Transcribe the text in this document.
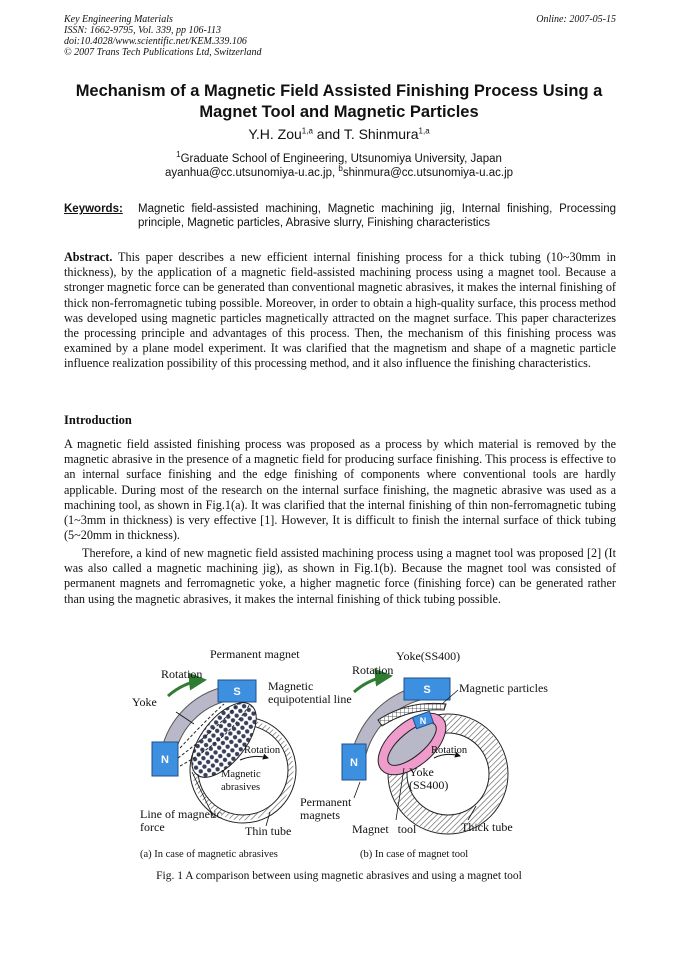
Key Engineering Materials
ISSN: 1662-9795, Vol. 339, pp 106-113
doi:10.4028/www.scientific.net/KEM.339.106
© 2007 Trans Tech Publications Ltd, Switzerland
Online: 2007-05-15
Mechanism of a Magnetic Field Assisted Finishing Process Using a Magnet Tool and Magnetic Particles
Y.H. Zou$^{1,a}$ and T. Shinmura$^{1,a}$
$^1$Graduate School of Engineering, Utsunomiya University, Japan
ayanhua@cc.utsunomiya-u.ac.jp, $^b$shinmura@cc.utsunomiya-u.ac.jp
Keywords:	Magnetic field-assisted machining, Magnetic machining jig, Internal finishing, Processing principle, Magnetic particles, Abrasive slurry, Finishing characteristics
Abstract. This paper describes a new efficient internal finishing process for a thick tubing (10~30mm in thickness), by the application of a magnetic field-assisted machining process using a magnet tool. Because a stronger magnetic force can be generated than conventional magnetic abrasives, it makes the internal finishing of thick non-ferromagnetic tubing possible. Moreover, in order to obtain a high-quality surface, this process method was developed using magnetic particles magnetically attracted on the magnet surface. This paper characterizes the processing principle and advantages of this process. Then, the mechanism of this finishing process was examined by a plane model experiment. It was clarified that the magnetism and shape of a magnetic particle influence realization possibility of this processing method, and it also influence the finishing characteristics.
Introduction
A magnetic field assisted finishing process was proposed as a process by which material is removed by the magnetic abrasive in the presence of a magnetic field for producing surface finishing. This process is effective to an internal surface finishing and the edge finishing of components where conventional tools are hardly applicable. During most of the research on the internal surface finishing, the magnetic abrasive was used as a machining tool, as shown in Fig.1(a). It was clarified that the internal finishing of thin non-ferromagnetic tubing (1~3mm in thickness) is very effective [1]. However, It is difficult to finish the internal surface of thick tubing (5~20mm in thickness).
Therefore, a kind of new magnetic field assisted machining process using a magnet tool was proposed [2] (It was also called a magnetic machining jig), as shown in Fig.1(b). Because the magnet tool was consisted of permanent magnets and ferromagnetic yoke, a higher magnetic force (finishing force) can be generated rather than using the magnetic abrasives, it makes the internal finishing of thick tubing possible.
S
N
S
N
N
Permanent magnet
Rotation
Magnetic equipotential line
Yoke
Rotation
Magnetic abrasives
Line of magnetic force	Thin tube
(a) In case of magnetic abrasives
Yoke(SS400)
Rotation
Magnetic particles
Rotation
Yoke (SS400)
Permanent magnets
Magnet   tool	Thick tube
(b) In case of magnet tool
Fig. 1 A comparison between using magnetic abrasives and using a magnet tool
